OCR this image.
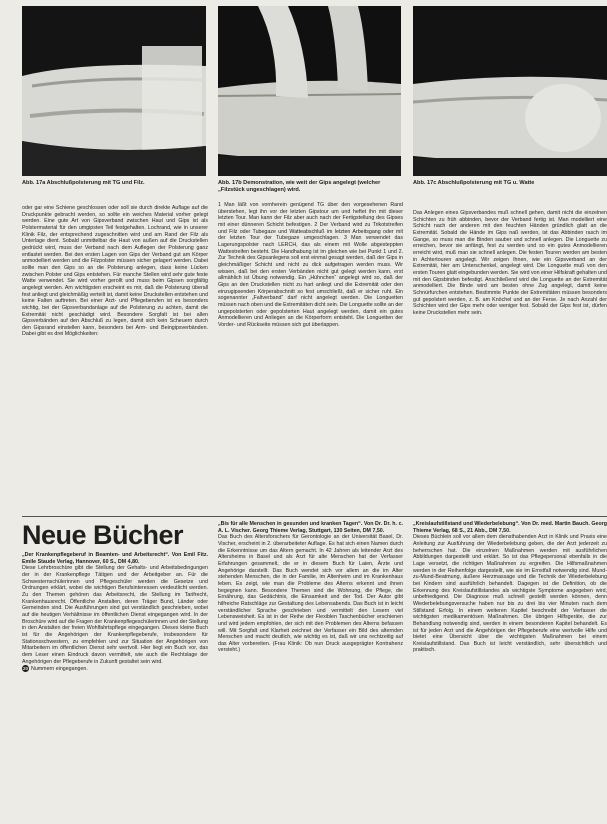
Abb. 17a Abschlußpolsterung mit TG und Filz.	Abb. 17b Demonstration, wie weit der Gips angelegt (welcher „Filzstück ungeschlagen) wird.
Abb. 17c Abschlußpolsterung mit TG u. Watte

oder gar eine Schiene geschlossen oder soll sie durch direkte Auflage auf die Druckpunkte gebracht werden, so sollte ein weiches Material vorher gelegt werden. Eine gute Art von Gipsverband zwischen Haut und Gips ist als Polstermaterial für den umgipsten Teil festgehalten. Lochrand, wie in unserer Klinik Filz, der entsprechend zugeschnitten wird und am Rand der Filz als Unterlage dient. Sobald unmittelbar die Haut von außen auf die Druckstellen gedrückt wird, muss der Verband nach dem Auflegen der Polsterung ganz entlastet werden. Bei den ersten Lagen von Gips der Verband gut am Körper anmodelliert werden und die Filzpolster müssen sicher gelagert werden. Dabei sollte man den Gips so an die Polsterung anlegen, dass keine Lücken zwischen Polster und Gips entstehen. Für manche Stellen wird sehr gute feste Watte verwendet. Sie wird vorher gerollt und muss beim Gipsen sorgfältig angelegt werden. Am wichtigsten erscheint es mir, daß die Polsterung überall fest anliegt und gleichmäßig verteilt ist, damit keine Druckstellen entstehen und keine Falten auftreten. Bei einer Arzt- und Pflegeberufen ist es besonders wichtig, bei der Gipsverbandanlage auf die Polsterung zu achten, damit die Extremität nicht geschädigt wird. Besondere Sorgfalt ist bei allen Gipsverbänden auf den Abschluß zu legen, damit sich kein Scheuern durch den Gipsrand einstellen kann, besonders bei Arm- und Beingipsverbänden. Dabei gibt es drei Möglichkeiten:

1 Man läßt von vornherein genügend TG über den vorgesehenen Rand überstehen, legt ihn vor der letzten Gipstour um und heftet ihn mit dieser letzten Tour. Man kann der Filz aber auch nach der Fertigstellung des Gipses mit einer dünneren Schicht befestigen. 2 Der Verband wird zu Trikotstreifen und Filz oder Tubegaze und Watteabschluß im letzten Arbeitsgang oder mit der letzten Tour der Tubegaze umgeschlagen. 3 Man verwendet das Lagerungspolster nach LERCH, das als einem mit Wolle abgesteppten Wattestreifen besteht. Die Handhabung ist im gleichen wie bei Punkt 1 und 2. Zur Technik des Gipsanlegens soll erst einmal gesagt werden, daß der Gips in gleichmäßiger Schicht und nicht zu dick aufgetragen werden muss. Wir wissen, daß bei den ersten Verbänden nicht gut gelegt werden kann, erst allmählich ist Übung notwendig. Ein „Hühnchen“ angelegt wird so, daß der Gips an den Druckstellen nicht zu hart anliegt und die Extremität oder den einzugipsenden Körperabschnitt so fest umschließt, daß er sicher ruht. Ein sogenannter „Faltverband“ darf nicht angelegt werden. Die Longuetten müssen nach oben und die Extremitäten dicht sein. Die Longuette sollte an der ungepolsterten oder gepolsterten Haut angelegt werden, damit ein gutes Anmodellieren und Anliegen an die Körperform entsteht. Die Longuetten der Vorder- und Rückseite müssen sich gut überlappen.

Das Anlegen eines Gipsverbandes muß schnell gehen, damit nicht die einzelnen Schichten zu früh abbinden, bevor der Verband fertig ist. Man modelliert eine Schicht nach der anderen mit den feuchten Händen gründlich glatt an die Extremität. Sobald die Hände im Gips naß werden, ist das Abbinden rasch im Gange, so muss man die Binden sauber und schnell anlegen. Die Longuette zu erreichen, bevor sie anfängt, fest zu werden und so ein gutes Anmodellieren erreicht wird, muß man sie schnell anlegen. Die festen Touren werden am besten in Achtertouren angelegt. Wir zeigen Ihnen, wie ein Gipsverband an der Extremität, hier am Unterschenkel, angelegt wird. Die Longuette muß von den ersten Touren glatt eingebunden werden. Sie wird von einer Hilfskraft gehalten und mit den Gipsbinden befestigt. Anschließend wird die Longuette an der Extremität anmodelliert. Die Binde wird am besten ohne Zug angelegt, damit keine Schnürfurchen entstehen. Bestimmte Punkte der Extremitäten müssen besonders gut gepolstert werden, z. B. am Knöchel und an der Ferse. Je nach Anzahl der Schichten wird der Gips mehr oder weniger fest. Sobald der Gips fest ist, dürfen keine Druckstellen mehr sein.

Neue Bücher

„Der Krankenpflegeberuf in Beamten- und Arbeitsrecht“. Von Emil Fitz. Emile Staude Verlag, Hannover, 60 S., DM 4,80.

Diese Lehrbroschüre gibt die Stellung der Gehalts- und Arbeitsbedingungen der in der Krankenpflege Tätigen und der Arbeitgeber an. Für die Schwesternschülerinnen und Pflegeschüler werden die Gesetze und Ordnungen erklärt, wobei die wichtigen Berufsinteressen verdeutlicht werden. Zu den Themen gehören das Arbeitsrecht, die Stellung im Tarifrecht, Krankenhausrecht. Öffentliche Anstalten, deren Träger Bund, Länder oder Gemeinden sind. Die Ausführungen sind gut verständlich geschrieben, wobei auf die heutigen Verhältnisse im öffentlichen Dienst eingegangen wird. In der Broschüre wird auf die Fragen der Krankenpflegeschülerinnen und der Stellung in den Anstalten der freien Wohlfahrtspflege eingegangen. Dieses kleine Buch ist für die Angehörigen der Krankenpflegeberufe, insbesondere für Stationsschwestern, zu empfehlen und zur Situation der Angehörigen von Mitarbeitern im öffentlichen Dienst sehr wertvoll. Hier liegt ein Buch vor, das dem Leser einen Eindruck davon vermittelt, wie auch die Rechtslage der Angehörigen der Pflegeberufe in Zukunft gestaltet sein wird.

20 Nummern eingegangen.

„Bis für alle Menschen in gesunden und kranken Tagen“. Von Dr. Dr. h. c. A. L. Vischer. Georg Thieme Verlag, Stuttgart, 130 Seiten, DM 7,50.

Das Buch des Altersforschers für Gerontologie an der Universität Basel, Dr. Vischer, erscheint in 2. überarbeiteter Auflage. Es hat sich einen Namen durch die Erkenntnisse um das Altern gemacht. In 42 Jahren als leitender Arzt des Altersheims in Basel und als Arzt für alte Menschen hat der Verfasser Erfahrungen gesammelt, die er in diesem Buch für Laien, Ärzte und Angehörige darstellt. Das Buch wendet sich vor allem an die im Alter stehenden Menschen, die in der Familie, im Altenheim und im Krankenhaus leben. Es zeigt, wie man die Probleme des Alterns erkennt und ihnen begegnen kann. Besondere Themen sind die Wohnung, die Pflege, die Ernährung, das Gedächtnis, die Einsamkeit und der Tod. Der Autor gibt hilfreiche Ratschläge zur Gestaltung des Lebensabends. Das Buch ist in leicht verständlicher Sprache geschrieben und vermittelt den Lesern viel Lebensweisheit. Es ist in der Reihe der Flexiblen Taschenbücher erschienen und wird jedem empfohlen, der sich mit den Problemen des Alterns befassen will. Mit Sorgfalt und Klarheit zeichnet der Verfasser ein Bild des alternden Menschen und macht deutlich, wie wichtig es ist, daß wir uns rechtzeitig auf das Alter vorbereiten. (Frau Klinik: Ob nun Druck ausgeprägter Kontrahenz versteht.)

„Kreislaufstillstand und Wiederbelebung“. Von Dr. med. Martin Bauch. Georg Thieme Verlag, 68 S., 21 Abb., DM 7,50.

Dieses Büchlein soll vor allem dem diensthabenden Arzt in Klinik und Praxis eine Anleitung zur Ausführung der Wiederbelebung geben, die der Arzt jederzeit zu beherrschen hat. Die einzelnen Maßnahmen werden mit ausführlichen Abbildungen dargestellt und erklärt. So ist das Pflegepersonal ebenfalls in die Lage versetzt, die richtigen Maßnahmen zu ergreifen. Die Hilfsmaßnahmen werden in der Reihenfolge dargestellt, wie sie im Ernstfall notwendig sind. Mund-zu-Mund-Beatmung, äußere Herzmassage und die Technik der Wiederbelebung bei Kindern sind ausführlich behandelt. Dagegen ist die Definition, ob die Erkennung des Kreislaufstillstandes als wichtigste Symptome angegeben wird, unbefriedigend. Die Diagnose muß schnell gestellt werden können, denn Wiederbelebungsversuche haben nur bis zu drei bis vier Minuten nach dem Stillstand Erfolg. In einem weiteren Kapitel beschreibt der Verfasser die wichtigsten medikamentösen Maßnahmen. Die übrigen Hilfsgeräte, die zur Behandlung notwendig sind, werden in einem besonderen Kapitel behandelt. Es ist für jeden Arzt und die Angehörigen der Pflegeberufe eine wertvolle Hilfe und bietet eine Übersicht über die wichtigsten Maßnahmen bei einem Kreislaufstillstand. Das Buch ist leicht verständlich, sehr übersichtlich und praktisch.
